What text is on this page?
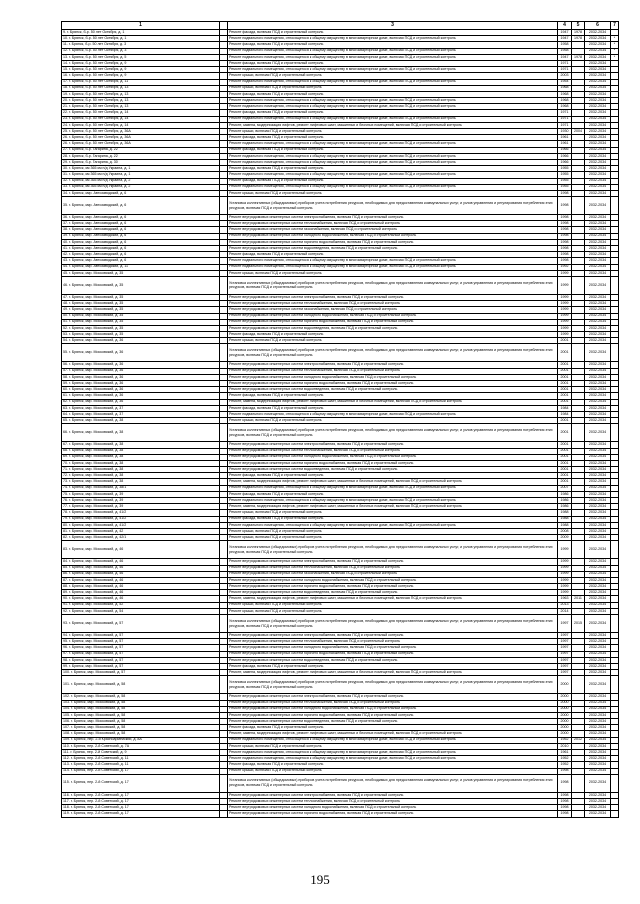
1		3	4	5	6	7
9. г. Брянск, б-р. 50 лет Октября, д. 1		Ремонт фасада, включая ПСД и строительный контроль	1947	1978	2032-2034	
10. г. Брянск, б-р. 50 лет Октября, д. 1		Ремонт подвального помещения, относящегося к общему имуществу в многоквартирном доме, включая ПСД и строительный контроль	1947	1978	2032-2034	*
11. г. Брянск, б-р. 50 лет Октября, д. 3		Ремонт фасада, включая ПСД и строительный контроль	1958		2032-2034	*
12. г. Брянск, б-р. 50 лет Октября, д. 3		Ремонт подвального помещения, относящегося к общему имуществу в многоквартирном доме, включая ПСД и строительный контроль	1958		2032-2034	*
13. г. Брянск, б-р. 50 лет Октября, д. 5		Ремонт подвального помещения, относящегося к общему имуществу в многоквартирном доме, включая ПСД и строительный контроль	1947	1978	2032-2034	*
14. г. Брянск, б-р. 50 лет Октября, д. 9		Ремонт фасада, включая ПСД и строительный контроль	1971		2032-2034	
15. г. Брянск, б-р. 50 лет Октября, д. 9		Ремонт подвального помещения, относящегося к общему имуществу в многоквартирном доме, включая ПСД и строительный контроль	1971		2032-2034	
16. г. Брянск, б-р. 50 лет Октября, д. 9		Ремонт крыши, включая ПСД и строительный контроль	2003		2032-2034	
17. г. Брянск, б-р. 50 лет Октября, д. 11		Ремонт подвального помещения, относящегося к общему имуществу в многоквартирном доме, включая ПСД и строительный контроль	1954		2032-2034	
18. г. Брянск, б-р. 50 лет Октября, д. 13		Ремонт крыши, включая ПСД и строительный контроль	1968		2032-2034	
19. г. Брянск, б-р. 50 лет Октября, д. 13		Ремонт фасада, включая ПСД и строительный контроль	1968		2032-2034	
20. г. Брянск, б-р. 50 лет Октября, д. 13		Ремонт подвального помещения, относящегося к общему имуществу в многоквартирном доме, включая ПСД и строительный контроль	1968		2032-2034	
21. г. Брянск, б-р. 50 лет Октября, д. 13		Ремонт подвального помещения, относящегося к общему имуществу в многоквартирном доме, включая ПСД и строительный контроль	1968		2032-2034	
22. г. Брянск, б-р. 50 лет Октября, д. 14		Ремонт фасада, включая ПСД и строительный контроль	1971		2032-2034	
23. г. Брянск, б-р. 50 лет Октября, д. 14		Ремонт подвального помещения, относящегося к общему имуществу в многоквартирном доме, включая ПСД и строительный контроль	1971		2032-2034	
24. г. Брянск, б-р. 50 лет Октября, д. 14		Ремонт, замена, модернизация лифтов, ремонт лифтовых шахт, машинных и блочных помещений, включая ПСД и строительный контроль	1971		2032-2034	
25. г. Брянск, б-р. 50 лет Октября, д. 36А		Ремонт крыши, включая ПСД и строительный контроль	1930	2004	2032-2034	
26. г. Брянск, б-р. 50 лет Октября, д. 36А		Ремонт фасада, включая ПСД и строительный контроль	1961		2032-2034	
26. г. Брянск, б-р. 50 лет Октября, д. 36А		Ремонт подвального помещения, относящегося к общему имуществу в многоквартирном доме, включая ПСД и строительный контроль	1961		2032-2034	
27. г. Брянск, б-р. Гагарина, д. 22		Ремонт фасада, включая ПСД и строительный контроль	1966		2032-2034	
28. г. Брянск, б-р. Гагарина, д. 22		Ремонт подвального помещения, относящегося к общему имуществу в многоквартирном доме, включая ПСД и строительный контроль	1966		2032-2034	
29. г. Брянск, б-р. Гагарина, д. 30		Ремонт подвального помещения, относящегося к общему имуществу в многоквартирном доме, включая ПСД и строительный контроль	1966		2032-2034	
30. г. Брянск, км 365 км п/д Украина, д. 1		Ремонт фасада, включая ПСД и строительный контроль	1955		2032-2034	
31. г. Брянск, км 365 км п/д Украина, д. 1		Ремонт подвального помещения, относящегося к общему имуществу в многоквартирном доме, включая ПСД и строительный контроль	1955		2032-2034	
32. г. Брянск, км 365 км п/д Украина, д. 2		Ремонт фасада, включая ПСД и строительный контроль	1955		2032-2034	
33. г. Брянск, км 365 км п/д Украина, д. 2		Ремонт подвального помещения, относящегося к общему имуществу в многоквартирном доме, включая ПСД и строительный контроль	1955		2032-2034	
34. г. Брянск, мкр. Автозаводский, д. 6		Ремонт крыши, включая ПСД и строительный контроль	1998		2032-2034	
35. г. Брянск, мкр. Автозаводский, д. 6		Установка коллективных (общедомовых) приборов учета потребления ресурсов, необходимых для предоставления коммунальных услуг, и узлов управления и регулирования потребления этих ресурсов, включая ПСД и строительный контроль	1998		2032-2034	
36. г. Брянск, мкр. Автозаводский, д. 6		Ремонт внутридомовых инженерных систем электроснабжения, включая ПСД и строительный контроль	1998		2032-2034	
37. г. Брянск, мкр. Автозаводский, д. 6		Ремонт внутридомовых инженерных систем теплоснабжения, включая ПСД и строительный контроль	1998		2032-2034	
38. г. Брянск, мкр. Автозаводский, д. 6		Ремонт внутридомовых инженерных систем газоснабжения, включая ПСД и строительный контроль	1998		2032-2034	
39. г. Брянск, мкр. Автозаводский, д. 6		Ремонт внутридомовых инженерных систем холодного водоснабжения, включая ПСД и строительный контроль	1998		2032-2034	
40. г. Брянск, мкр. Автозаводский, д. 6		Ремонт внутридомовых инженерных систем горячего водоснабжения, включая ПСД и строительный контроль	1998		2032-2034	
41. г. Брянск, мкр. Автозаводский, д. 6		Ремонт внутридомовых инженерных систем водоотведения, включая ПСД и строительный контроль	1998		2032-2034	
42. г. Брянск, мкр. Автозаводский, д. 6		Ремонт фасада, включая ПСД и строительный контроль	1998		2032-2034	
43. г. Брянск, мкр. Автозаводский, д. 6		Ремонт подвального помещения, относящегося к общему имуществу в многоквартирном доме, включая ПСД и строительный контроль	1998		2032-2034	
44. г. Брянск, мкр. Автозаводский, д. 11		Ремонт подвального помещения, относящегося к общему имуществу в многоквартирном доме, включая ПСД и строительный контроль	1992		2032-2034	
45. г. Брянск, мкр. Московский, д. 35		Ремонт крыши, включая ПСД и строительный контроль	1999		2032-2034	
46. г. Брянск, мкр. Московский, д. 35		Установка коллективных (общедомовых) приборов учета потребления ресурсов, необходимых для предоставления коммунальных услуг, и узлов управления и регулирования потребления этих ресурсов, включая ПСД и строительный контроль	1999		2032-2034	
47. г. Брянск, мкр. Московский, д. 35		Ремонт внутридомовых инженерных систем электроснабжения, включая ПСД и строительный контроль	1999		2032-2034	
48. г. Брянск, мкр. Московский, д. 35		Ремонт внутридомовых инженерных систем теплоснабжения, включая ПСД и строительный контроль	1999		2032-2034	
49. г. Брянск, мкр. Московский, д. 35		Ремонт внутридомовых инженерных систем газоснабжения, включая ПСД и строительный контроль	1999		2032-2034	
50. г. Брянск, мкр. Московский, д. 35		Ремонт внутридомовых инженерных систем холодного водоснабжения, включая ПСД и строительный контроль	1999		2032-2034	
51. г. Брянск, мкр. Московский, д. 35		Ремонт внутридомовых инженерных систем горячего водоснабжения, включая ПСД и строительный контроль	1999		2032-2034	
52. г. Брянск, мкр. Московский, д. 35		Ремонт внутридомовых инженерных систем водоотведения, включая ПСД и строительный контроль	1999		2032-2034	
53. г. Брянск, мкр. Московский, д. 35		Ремонт фасада, включая ПСД и строительный контроль	1999		2032-2034	
54. г. Брянск, мкр. Московский, д. 36		Ремонт крыши, включая ПСД и строительный контроль	2001		2032-2034	
55. г. Брянск, мкр. Московский, д. 36		Установка коллективных (общедомовых) приборов учета потребления ресурсов, необходимых для предоставления коммунальных услуг, и узлов управления и регулирования потребления этих ресурсов, включая ПСД и строительный контроль	2001		2032-2034	
56. г. Брянск, мкр. Московский, д. 36		Ремонт внутридомовых инженерных систем электроснабжения, включая ПСД и строительный контроль	2001		2032-2034	
57. г. Брянск, мкр. Московский, д. 36		Ремонт внутридомовых инженерных систем теплоснабжения, включая ПСД и строительный контроль	2001		2032-2034	
58. г. Брянск, мкр. Московский, д. 36		Ремонт внутридомовых инженерных систем холодного водоснабжения, включая ПСД и строительный контроль	2001		2032-2034	
59. г. Брянск, мкр. Московский, д. 36		Ремонт внутридомовых инженерных систем горячего водоснабжения, включая ПСД и строительный контроль	2001		2032-2034	
60. г. Брянск, мкр. Московский, д. 36		Ремонт внутридомовых инженерных систем водоотведения, включая ПСД и строительный контроль	2001		2032-2034	
61. г. Брянск, мкр. Московский, д. 36		Ремонт фасада, включая ПСД и строительный контроль	2001		2032-2034	
62. г. Брянск, мкр. Московский, д. 36		Ремонт, замена, модернизация лифтов, ремонт лифтовых шахт, машинных и блочных помещений, включая ПСД и строительный контроль	2001		2032-2034	
63. г. Брянск, мкр. Московский, д. 37		Ремонт фасада, включая ПСД и строительный контроль	1984		2032-2034	
64. г. Брянск, мкр. Московский, д. 37		Ремонт подвального помещения, относящегося к общему имуществу в многоквартирном доме, включая ПСД и строительный контроль	1984		2032-2034	
65. г. Брянск, мкр. Московский, д. 38		Ремонт крыши, включая ПСД и строительный контроль	2001		2032-2034	
66. г. Брянск, мкр. Московский, д. 38		Установка коллективных (общедомовых) приборов учета потребления ресурсов, необходимых для предоставления коммунальных услуг, и узлов управления и регулирования потребления этих ресурсов, включая ПСД и строительный контроль	2001		2032-2034	
67. г. Брянск, мкр. Московский, д. 38		Ремонт внутридомовых инженерных систем электроснабжения, включая ПСД и строительный контроль	2001		2032-2034	
68. г. Брянск, мкр. Московский, д. 38		Ремонт внутридомовых инженерных систем теплоснабжения, включая ПСД и строительный контроль	2001		2032-2034	
69. г. Брянск, мкр. Московский, д. 38		Ремонт внутридомовых инженерных систем холодного водоснабжения, включая ПСД и строительный контроль	2001		2032-2034	
70. г. Брянск, мкр. Московский, д. 38		Ремонт внутридомовых инженерных систем горячего водоснабжения, включая ПСД и строительный контроль	2001		2032-2034	
71. г. Брянск, мкр. Московский, д. 38		Ремонт внутридомовых инженерных систем водоотведения, включая ПСД и строительный контроль	2001		2032-2034	
72. г. Брянск, мкр. Московский, д. 38		Ремонт фасада, включая ПСД и строительный контроль	2001		2032-2034	
73. г. Брянск, мкр. Московский, д. 38		Ремонт, замена, модернизация лифтов, ремонт лифтовых шахт, машинных и блочных помещений, включая ПСД и строительный контроль	2001		2032-2034	
74. г. Брянск, мкр. Московский, д. 38/1		Ремонт подвального помещения, относящегося к общему имуществу в многоквартирном доме, включая ПСД и строительный контроль	2007		2032-2034	
75. г. Брянск, мкр. Московский, д. 39		Ремонт фасада, включая ПСД и строительный контроль	1986		2032-2034	
76. г. Брянск, мкр. Московский, д. 39		Ремонт подвального помещения, относящегося к общему имуществу в многоквартирном доме, включая ПСД и строительный контроль	1986		2032-2034	
77. г. Брянск, мкр. Московский, д. 39		Ремонт, замена, модернизация лифтов, ремонт лифтовых шахт, машинных и блочных помещений, включая ПСД и строительный контроль	1986		2032-2034	
78. г. Брянск, мкр. Московский, д. 41/2		Ремонт крыши, включая ПСД и строительный контроль	1988		2032-2034	
79. г. Брянск, мкр. Московский, д. 41/2		Ремонт фасада, включая ПСД и строительный контроль	1988		2032-2034	
80. г. Брянск, мкр. Московский, д. 41/2		Ремонт подвального помещения, относящегося к общему имуществу в многоквартирном доме, включая ПСД и строительный контроль	1988		2032-2034	
81. г. Брянск, мкр. Московский, д. 42		Ремонт крыши, включая ПСД и строительный контроль	2008		2032-2034	
82. г. Брянск, мкр. Московский, д. 42/1		Ремонт крыши, включая ПСД и строительный контроль	2009		2032-2034	
83. г. Брянск, мкр. Московский, д. 46		Установка коллективных (общедомовых) приборов учета потребления ресурсов, необходимых для предоставления коммунальных услуг, и узлов управления и регулирования потребления этих ресурсов, включая ПСД и строительный контроль	1999		2032-2034	
84. г. Брянск, мкр. Московский, д. 46		Ремонт внутридомовых инженерных систем электроснабжения, включая ПСД и строительный контроль	1999		2032-2034	
85. г. Брянск, мкр. Московский, д. 46		Ремонт внутридомовых инженерных систем теплоснабжения, включая ПСД и строительный контроль	1999		2032-2034	
86. г. Брянск, мкр. Московский, д. 46		Ремонт внутридомовых инженерных систем газоснабжения, включая ПСД и строительный контроль	1999		2032-2034	
87. г. Брянск, мкр. Московский, д. 46		Ремонт внутридомовых инженерных систем холодного водоснабжения, включая ПСД и строительный контроль	1999		2032-2034	
88. г. Брянск, мкр. Московский, д. 46		Ремонт внутридомовых инженерных систем горячего водоснабжения, включая ПСД и строительный контроль	1999		2032-2034	
89. г. Брянск, мкр. Московский, д. 46		Ремонт внутридомовых инженерных систем водоотведения, включая ПСД и строительный контроль	1999		2032-2034	
90. г. Брянск, мкр. Московский, д. 46		Ремонт, замена, модернизация лифтов, ремонт лифтовых шахт, машинных и блочных помещений, включая ПСД и строительный контроль	1963	2011	2032-2034	
91. г. Брянск, мкр. Московский, д. 52		Ремонт крыши, включая ПСД и строительный контроль	2013		2032-2034	
92. г. Брянск, мкр. Московский, д. 54		Ремонт крыши, включая ПСД и строительный контроль	2014		2032-2034	
93. г. Брянск, мкр. Московский, д. 57		Установка коллективных (общедомовых) приборов учета потребления ресурсов, необходимых для предоставления коммунальных услуг, и узлов управления и регулирования потребления этих ресурсов, включая ПСД и строительный контроль	1997	2015	2032-2034	
94. г. Брянск, мкр. Московский, д. 57		Ремонт внутридомовых инженерных систем электроснабжения, включая ПСД и строительный контроль	1997		2032-2034	
95. г. Брянск, мкр. Московский, д. 57		Ремонт внутридомовых инженерных систем теплоснабжения, включая ПСД и строительный контроль	1997		2032-2034	
96. г. Брянск, мкр. Московский, д. 57		Ремонт внутридомовых инженерных систем холодного водоснабжения, включая ПСД и строительный контроль	1997		2032-2034	
97. г. Брянск, мкр. Московский, д. 57		Ремонт внутридомовых инженерных систем горячего водоснабжения, включая ПСД и строительный контроль	1997		2032-2034	
98. г. Брянск, мкр. Московский, д. 57		Ремонт внутридомовых инженерных систем водоотведения, включая ПСД и строительный контроль	1997		2032-2034	
99. г. Брянск, мкр. Московский, д. 57		Ремонт фасада, включая ПСД и строительный контроль	1997		2032-2034	
100. г. Брянск, мкр. Московский, д. 57		Ремонт, замена, модернизация лифтов, ремонт лифтовых шахт, машинных и блочных помещений, включая ПСД и строительный контроль	1997		2032-2034	
101. г. Брянск, мкр. Московский, д. 58		Установка коллективных (общедомовых) приборов учета потребления ресурсов, необходимых для предоставления коммунальных услуг, и узлов управления и регулирования потребления этих ресурсов, включая ПСД и строительный контроль	2000		2032-2034	
102. г. Брянск, мкр. Московский, д. 58		Ремонт внутридомовых инженерных систем электроснабжения, включая ПСД и строительный контроль	2000		2032-2034	
103. г. Брянск, мкр. Московский, д. 58		Ремонт внутридомовых инженерных систем теплоснабжения, включая ПСД и строительный контроль	2000		2032-2034	
104. г. Брянск, мкр. Московский, д. 58		Ремонт внутридомовых инженерных систем холодного водоснабжения, включая ПСД и строительный контроль	2000		2032-2034	
105. г. Брянск, мкр. Московский, д. 58		Ремонт внутридомовых инженерных систем горячего водоснабжения, включая ПСД и строительный контроль	2000		2032-2034	
106. г. Брянск, мкр. Московский, д. 58		Ремонт внутридомовых инженерных систем водоотведения, включая ПСД и строительный контроль	2000		2032-2034	
107. г. Брянск, мкр. Московский, д. 58		Ремонт фасада, включая ПСД и строительный контроль	2000		2032-2034	
108. г. Брянск, мкр. Московский, д. 58		Ремонт, замена, модернизация лифтов, ремонт лифтовых шахт, машинных и блочных помещений, включая ПСД и строительный контроль	2000		2032-2034	
109. г. Брянск, пер. 2-й Красноармейский, д. 8А		Ремонт подвального помещения, относящегося к общему имуществу в многоквартирном доме, включая ПСД и строительный контроль	1952	2012	2032-2034	
110. г. Брянск, пер. 2-й Советский, д. 7А		Ремонт крыши, включая ПСД и строительный контроль	2010		2032-2034	
111. г. Брянск, пер. 2-й Советский, д. 9		Ремонт подвального помещения, относящегося к общему имуществу в многоквартирном доме, включая ПСД и строительный контроль	1961		2032-2034	
112. г. Брянск, пер. 2-й Советский, д. 11		Ремонт подвального помещения, относящегося к общему имуществу в многоквартирном доме, включая ПСД и строительный контроль	1952		2032-2034	
113. г. Брянск, пер. 2-й Советский, д. 11		Ремонт фасада, включая ПСД и строительный контроль	1952		2032-2034	
114. г. Брянск, пер. 2-й Советский, д. 17		Ремонт крыши, включая ПСД и строительный контроль	1998		2032-2034	
115. г. Брянск, пер. 2-й Советский, д. 17		Установка коллективных (общедомовых) приборов учета потребления ресурсов, необходимых для предоставления коммунальных услуг, и узлов управления и регулирования потребления этих ресурсов, включая ПСД и строительный контроль	1998		2032-2034	
116. г. Брянск, пер. 2-й Советский, д. 17		Ремонт внутридомовых инженерных систем электроснабжения, включая ПСД и строительный контроль	1998		2032-2034	
117. г. Брянск, пер. 2-й Советский, д. 17		Ремонт внутридомовых инженерных систем теплоснабжения, включая ПСД и строительный контроль	1998		2032-2034	
118. г. Брянск, пер. 2-й Советский, д. 17		Ремонт внутридомовых инженерных систем холодного водоснабжения, включая ПСД и строительный контроль	1998		2032-2034	
119. г. Брянск, пер. 2-й Советский, д. 17		Ремонт внутридомовых инженерных систем горячего водоснабжения, включая ПСД и строительный контроль	1998		2032-2034	
195
